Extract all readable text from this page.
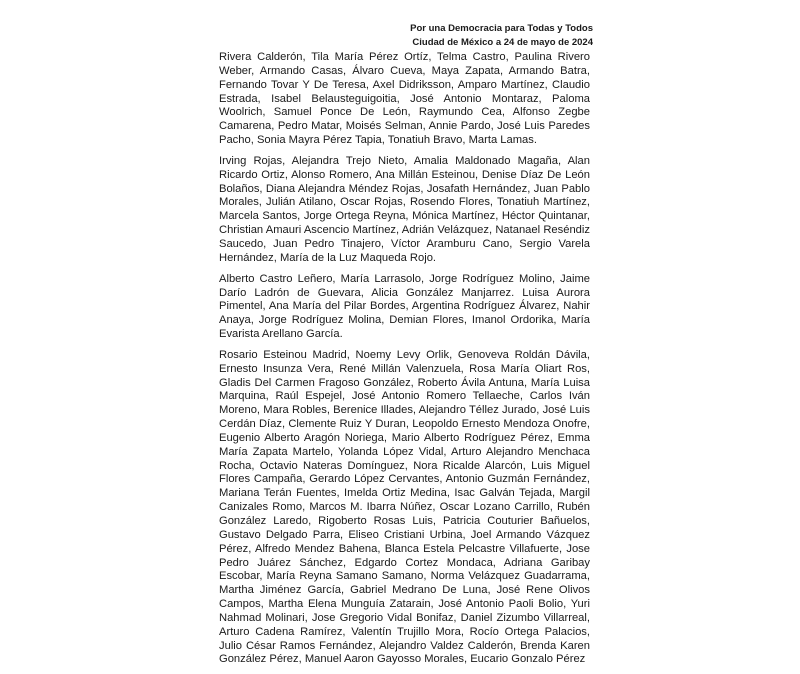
Por una Democracia para Todas y Todos
Ciudad de México a 24 de mayo de 2024

Rivera Calderón, Tila María Pérez Ortíz, Telma Castro, Paulina Rivero Weber, Armando Casas, Álvaro Cueva, Maya Zapata, Armando Batra, Fernando Tovar Y De Teresa, Axel Didriksson, Amparo Martínez, Claudio Estrada, Isabel Belausteguigoitia, José Antonio Montaraz, Paloma Woolrich, Samuel Ponce De León, Raymundo Cea, Alfonso Zegbe Camarena, Pedro Matar, Moisés Selman, Annie Pardo, José Luis Paredes Pacho, Sonia Mayra Pérez Tapia, Tonatiuh Bravo, Marta Lamas.

Irving Rojas, Alejandra Trejo Nieto, Amalia Maldonado Magaña, Alan Ricardo Ortiz, Alonso Romero, Ana Millán Esteinou, Denise Díaz De León Bolaños, Diana Alejandra Méndez Rojas, Josafath Hernández, Juan Pablo Morales, Julián Atilano, Oscar Rojas, Rosendo Flores, Tonatiuh Martínez, Marcela Santos, Jorge Ortega Reyna, Mónica Martínez, Héctor Quintanar, Christian Amauri Ascencio Martínez, Adrián Velázquez, Natanael Reséndiz Saucedo, Juan Pedro Tinajero, Víctor Aramburu Cano, Sergio Varela Hernández, María de la Luz Maqueda Rojo.

Alberto Castro Leñero, María Larrasolo, Jorge Rodríguez Molino, Jaime Darío Ladrón de Guevara, Alicia González Manjarrez. Luisa Aurora Pimentel, Ana María del Pilar Bordes, Argentina Rodríguez Álvarez, Nahir Anaya, Jorge Rodríguez Molina, Demian Flores, Imanol Ordorika, María Evarista Arellano García.

Rosario Esteinou Madrid, Noemy Levy Orlik, Genoveva Roldán Dávila, Ernesto Insunza Vera, René Millán Valenzuela, Rosa María Oliart Ros, Gladis Del Carmen Fragoso González, Roberto Ávila Antuna, María Luisa Marquina, Raúl Espejel, José Antonio Romero Tellaeche, Carlos Iván Moreno, Mara Robles, Berenice Illades, Alejandro Téllez Jurado, José Luis Cerdán Díaz, Clemente Ruiz Y Duran, Leopoldo Ernesto Mendoza Onofre, Eugenio Alberto Aragón Noriega, Mario Alberto Rodríguez Pérez, Emma María Zapata Martelo, Yolanda López Vidal, Arturo Alejandro Menchaca Rocha, Octavio Nateras Domínguez, Nora Ricalde Alarcón, Luis Miguel Flores Campaña, Gerardo López Cervantes, Antonio Guzmán Fernández, Mariana Terán Fuentes, Imelda Ortiz Medina, Isac Galván Tejada, Margil Canizales Romo, Marcos M. Ibarra Núñez, Oscar Lozano Carrillo, Rubén González Laredo, Rigoberto Rosas Luis, Patricia Couturier Bañuelos, Gustavo Delgado Parra, Eliseo Cristiani Urbina, Joel Armando Vázquez Pérez, Alfredo Mendez Bahena, Blanca Estela Pelcastre Villafuerte, Jose Pedro Juárez Sánchez, Edgardo Cortez Mondaca, Adriana Garibay Escobar, María Reyna Samano Samano, Norma Velázquez Guadarrama, Martha Jiménez García, Gabriel Medrano De Luna, José Rene Olivos Campos, Martha Elena Munguía Zatarain, José Antonio Paoli Bolio, Yuri Nahmad Molinari, Jose Gregorio Vidal Bonifaz, Daniel Zizumbo Villarreal, Arturo Cadena Ramírez, Valentín Trujillo Mora, Rocío Ortega Palacios, Julio César Ramos Fernández, Alejandro Valdez Calderón, Brenda Karen González Pérez, Manuel Aaron Gayosso Morales, Eucario Gonzalo Pérez
